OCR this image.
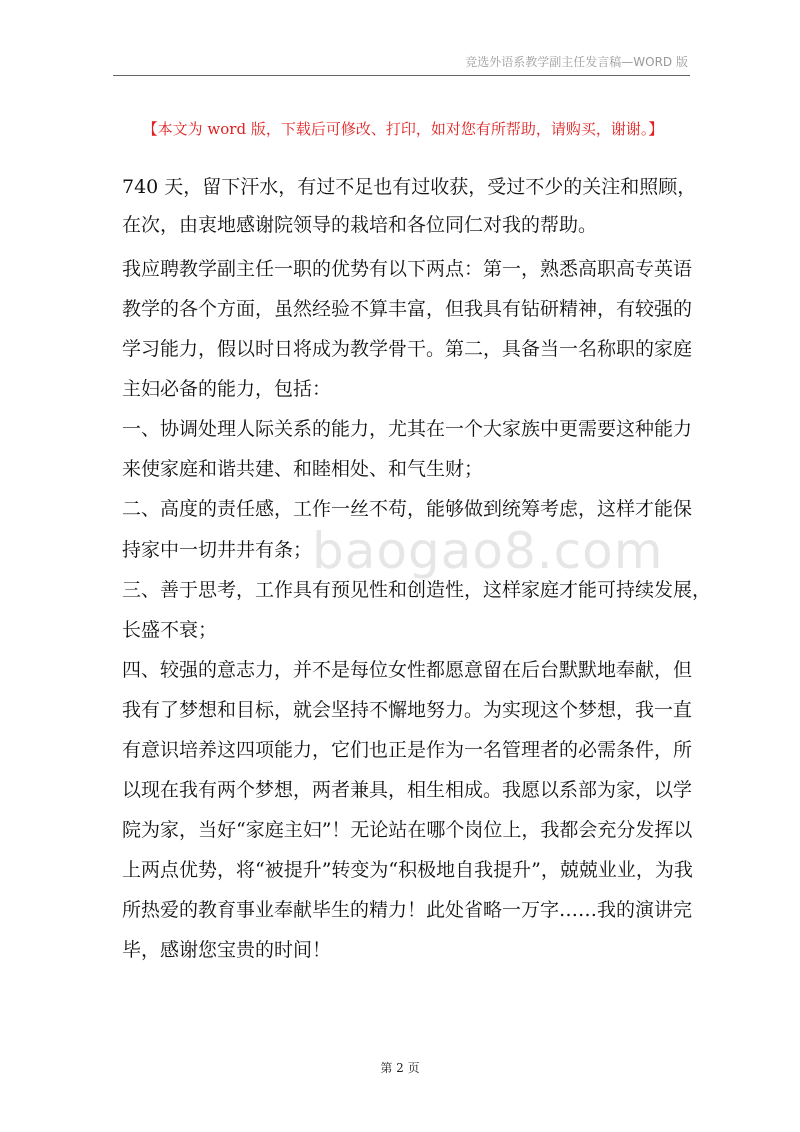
竞选外语系教学副主任发言稿—WORD 版
【本文为 word 版，下载后可修改、打印，如对您有所帮助，请购买，谢谢。】
baogao8.com
740 天，留下汗水，有过不足也有过收获，受过不少的关注和照顾，
在次，由衷地感谢院领导的栽培和各位同仁对我的帮助。
我应聘教学副主任一职的优势有以下两点：第一，熟悉高职高专英语
教学的各个方面，虽然经验不算丰富，但我具有钻研精神，有较强的
学习能力，假以时日将成为教学骨干。第二，具备当一名称职的家庭
主妇必备的能力，包括：
一、协调处理人际关系的能力，尤其在一个大家族中更需要这种能力
来使家庭和谐共建、和睦相处、和气生财；
二、高度的责任感，工作一丝不苟，能够做到统筹考虑，这样才能保
持家中一切井井有条；
三、善于思考，工作具有预见性和创造性，这样家庭才能可持续发展，
长盛不衰；
四、较强的意志力，并不是每位女性都愿意留在后台默默地奉献，但
我有了梦想和目标，就会坚持不懈地努力。为实现这个梦想，我一直
有意识培养这四项能力，它们也正是作为一名管理者的必需条件，所
以现在我有两个梦想，两者兼具，相生相成。我愿以系部为家，以学
院为家，当好“家庭主妇”！无论站在哪个岗位上，我都会充分发挥以
上两点优势，将“被提升”转变为“积极地自我提升”，兢兢业业，为我
所热爱的教育事业奉献毕生的精力！此处省略一万字……我的演讲完
毕，感谢您宝贵的时间！
第 2 页
